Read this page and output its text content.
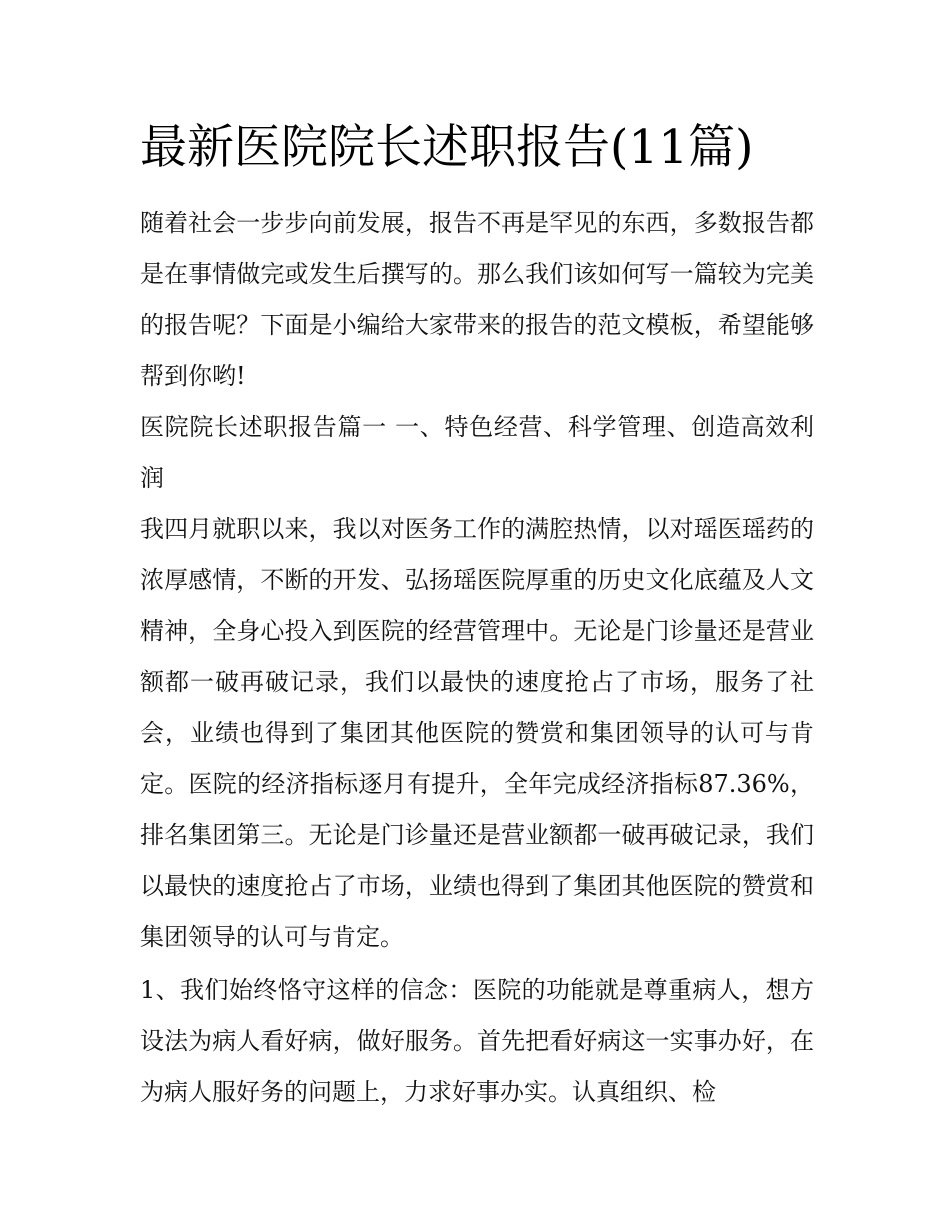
最新医院院长述职报告(11篇)

随着社会一步步向前发展，报告不再是罕见的东西，多数报告都是在事情做完或发生后撰写的。那么我们该如何写一篇较为完美的报告呢？下面是小编给大家带来的报告的范文模板，希望能够帮到你哟!

医院院长述职报告篇一 一、特色经营、科学管理、创造高效利润

我四月就职以来，我以对医务工作的满腔热情，以对瑶医瑶药的浓厚感情，不断的开发、弘扬瑶医院厚重的历史文化底蕴及人文精神，全身心投入到医院的经营管理中。无论是门诊量还是营业额都一破再破记录，我们以最快的速度抢占了市场，服务了社会，业绩也得到了集团其他医院的赞赏和集团领导的认可与肯定。医院的经济指标逐月有提升，全年完成经济指标87.36%，排名集团第三。无论是门诊量还是营业额都一破再破记录，我们以最快的速度抢占了市场，业绩也得到了集团其他医院的赞赏和集团领导的认可与肯定。

1、我们始终恪守这样的信念：医院的功能就是尊重病人，想方设法为病人看好病，做好服务。首先把看好病这一实事办好，在为病人服好务的问题上，力求好事办实。认真组织、检
